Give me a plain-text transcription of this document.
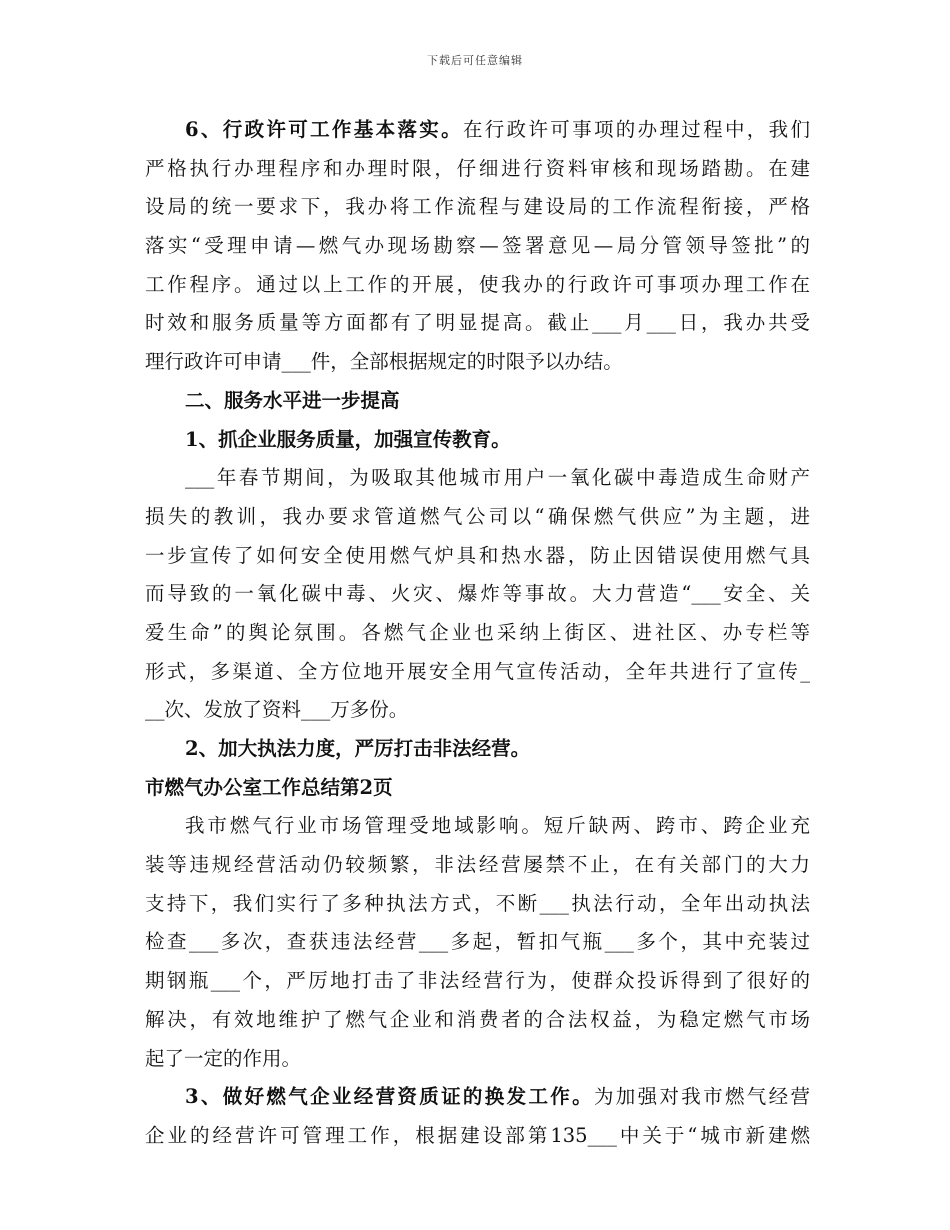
下载后可任意编辑
6、行政许可工作基本落实。在行政许可事项的办理过程中，我们
严格执行办理程序和办理时限，仔细进行资料审核和现场踏勘。在建
设局的统一要求下，我办将工作流程与建设局的工作流程衔接，严格
落实“受理申请—燃气办现场勘察—签署意见—局分管领导签批”的
工作程序。通过以上工作的开展，使我办的行政许可事项办理工作在
时效和服务质量等方面都有了明显提高。截止___月___日，我办共受
理行政许可申请___件，全部根据规定的时限予以办结。
二、服务水平进一步提高
1、抓企业服务质量，加强宣传教育。
___年春节期间，为吸取其他城市用户一氧化碳中毒造成生命财产
损失的教训，我办要求管道燃气公司以“确保燃气供应”为主题，进
一步宣传了如何安全使用燃气炉具和热水器，防止因错误使用燃气具
而导致的一氧化碳中毒、火灾、爆炸等事故。大力营造“___安全、关
爱生命”的舆论氛围。各燃气企业也采纳上街区、进社区、办专栏等
形式，多渠道、全方位地开展安全用气宣传活动，全年共进行了宣传_
__次、发放了资料___万多份。
2、加大执法力度，严厉打击非法经营。
市燃气办公室工作总结第2页
我市燃气行业市场管理受地域影响。短斤缺两、跨市、跨企业充
装等违规经营活动仍较频繁，非法经营屡禁不止，在有关部门的大力
支持下，我们实行了多种执法方式，不断___执法行动，全年出动执法
检查___多次，查获违法经营___多起，暂扣气瓶___多个，其中充装过
期钢瓶___个，严厉地打击了非法经营行为，使群众投诉得到了很好的
解决，有效地维护了燃气企业和消费者的合法权益，为稳定燃气市场
起了一定的作用。
3、做好燃气企业经营资质证的换发工作。为加强对我市燃气经营
企业的经营许可管理工作，根据建设部第135___中关于“城市新建燃
